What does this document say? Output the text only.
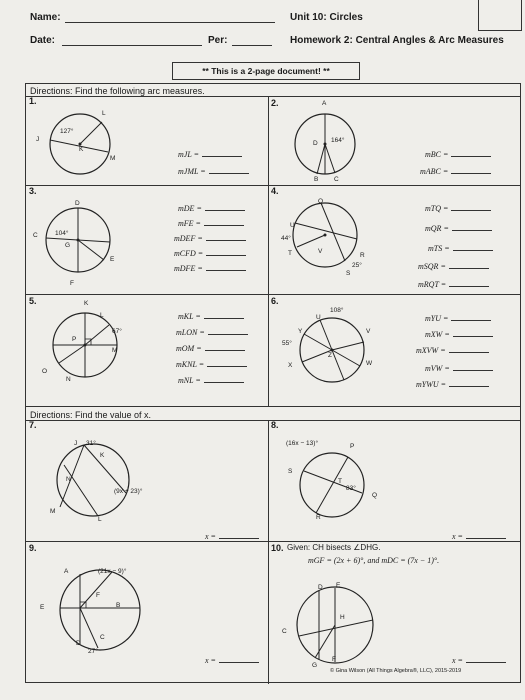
Name:
Date:	Per:
Unit 10: Circles
Homework 2: Central Angles & Arc Measures
** This is a 2-page document! **
Directions: Find the following arc measures.
Directions: Find the value of x.
1.	2.
3.	4.
5.	6.
7.	8.
9.	10.
L
J
K
M
127°
mJL =
mJML =
A
D 164°
B C
mBC =
mABC =
D
C	104°
G
E
F
mDE =
mFE =
mDEF =
mCFD =
mDFE =
Q
U
44°
T	V
R
25°
S
mTQ =
mQR =
mTS =
mSQR =
mRQT =
K
L
67°
P
M
O
N
mKL =
mLON =
mOM =
mKNL =
mNL =
108°
U
Y	V
55°
Z
X	W
mYU =
mXW =
mXVW =
mVW =
mYWU =
J 31°
K
N
(9x + 23)°
M
L
x =
(16x − 13)°	P
S
T
83°
Q
R
x =
A	(21x − 9)°
F
B
E
D
C
27°
x =
Given: CH bisects ∠DHG.
mGF = (2x + 6)°, and mDC = (7x − 1)°.
D E
H
C
G
F	x =
© Gina Wilson (All Things Algebra®, LLC), 2015-2019
